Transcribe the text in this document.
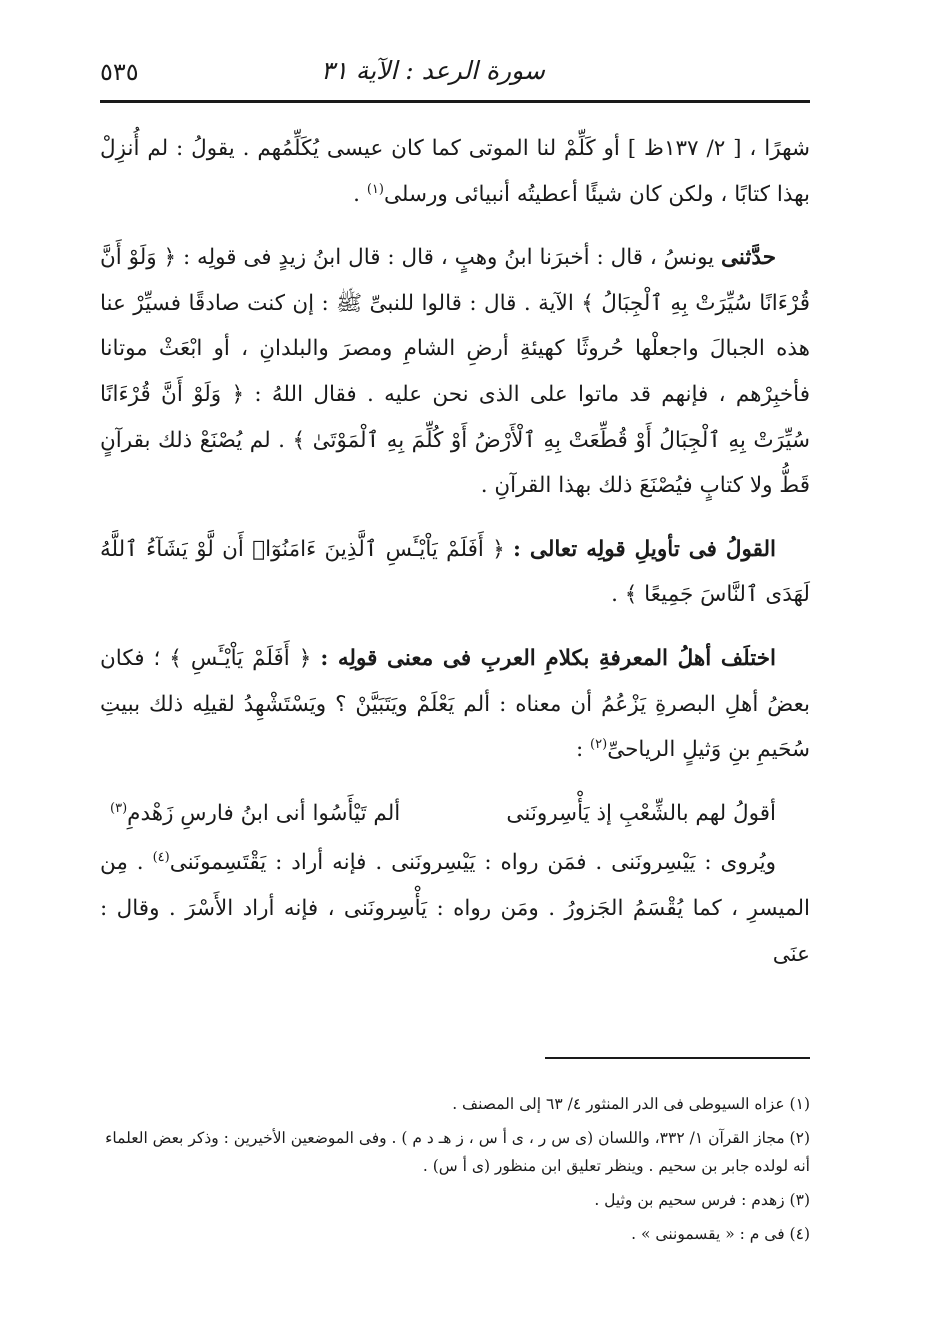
٥٣٥	سورة الرعد : الآية ٣١

شهرًا ، [ ٢/ ١٣٧ظ ] أو كَلِّمْ لنا الموتى كما كان عيسى يُكَلِّمُهم . يقولُ : لم أُنزِلْ بهذا كتابًا ، ولكن كان شيئًا أعطيتُه أنبيائى ورسلى$^{(١)}$ .

حدَّثنى يونسُ ، قال : أخبرَنا ابنُ وهبٍ ، قال : قال ابنُ زيدٍ فى قولِه : ﴿ وَلَوْ أَنَّ قُرْءَانًا سُيِّرَتْ بِهِ ٱلْجِبَالُ ﴾ الآية . قال : قالوا للنبىِّ ﷺ : إن كنت صادقًا فسيِّرْ عنا هذه الجبالَ واجعلْها حُروثًا كهيئةِ أرضِ الشامِ ومصرَ والبلدانِ ، أو ابْعَثْ موتانا فأخبِرْهم ، فإنهم قد ماتوا على الذى نحن عليه . فقال اللهُ : ﴿ وَلَوْ أَنَّ قُرْءَانًا سُيِّرَتْ بِهِ ٱلْجِبَالُ أَوْ قُطِّعَتْ بِهِ ٱلْأَرْضُ أَوْ كُلِّمَ بِهِ ٱلْمَوْتَىٰ ﴾ . لم يُصْنَعْ ذلك بقرآنٍ قَطُّ ولا كتابٍ فيُصْنَعَ ذلك بهذا القرآنِ .

القولُ فى تأويلِ قولِه تعالى : ﴿ أَفَلَمْ يَاْيْـَٔسِ ٱلَّذِينَ ءَامَنُوٓا۟ أَن لَّوْ يَشَآءُ ٱللَّهُ لَهَدَى ٱلنَّاسَ جَمِيعًا ﴾ .

اختلَف أهلُ المعرفةِ بكلامِ العربِ فى معنى قولِه : ﴿ أَفَلَمْ يَاْيْـَٔسِ ﴾ ؛ فكان بعضُ أهلِ البصرةِ يَزْعُمُ أن معناه : ألم يَعْلَمْ ويَتَبَيَّنْ ؟ ويَسْتَشْهِدُ لقيلِه ذلك ببيتِ سُحَيمِ بنِ وَثيلٍ الرياحىِّ$^{(٢)}$ :

أقولُ لهم بالشِّعْبِ إذ يَأْسِرونَنى
ألم تَيْأَسُوا أنى ابنُ فارسِ زَهْدمِ$^{(٣)}$

ويُروى : يَيْسِرونَنى . فمَن رواه : يَيْسِرونَنى . فإنه أراد : يَقْتَسِمونَنى$^{(٤)}$ . مِن الميسرِ ، كما يُقْسَمُ الجَزورُ . ومَن رواه : يَأْسِرونَنى ، فإنه أراد الأَسْرَ . وقال : عنَى

(١) عزاه السيوطى فى الدر المنثور ٤/ ٦٣ إلى المصنف .

(٢) مجاز القرآن ١/ ٣٣٢، واللسان (ى س ر ، ى أ س ، ز هـ د م ) . وفى الموضعين الأخيرين : وذكر بعض العلماء أنه لولده جابر بن سحيم . وينظر تعليق ابن منظور (ى أ س) .

(٣) زهدم : فرس سحيم بن وثيل .

(٤) فى م : « يقسموننى » .
